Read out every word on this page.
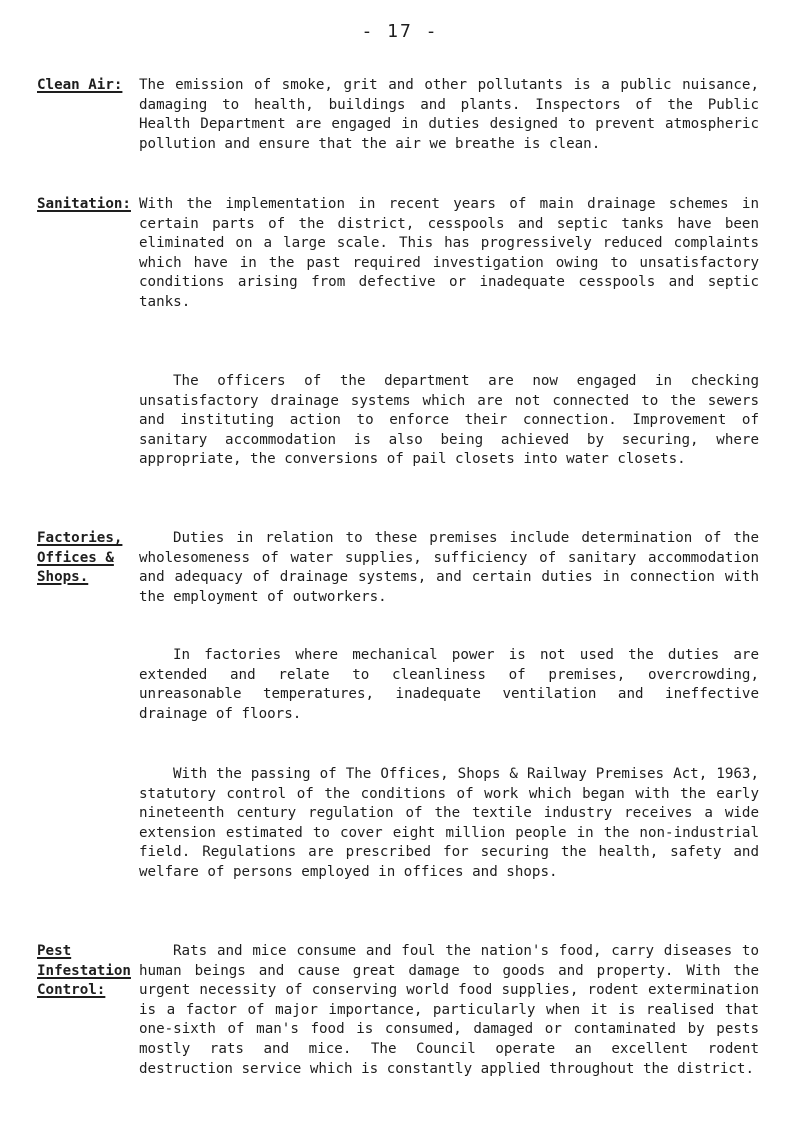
- 17 -
Clean Air:	The emission of smoke, grit and other pollutants is a public nuisance, damaging to health, buildings and plants. Inspectors of the Public Health Department are engaged in duties designed to prevent atmospheric pollution and ensure that the air we breathe is clean.

Sanitation: With the implementation in recent years of main drainage schemes in certain parts of the district, cesspools and septic tanks have been eliminated on a large scale. This has progressively reduced complaints which have in the past required investigation owing to unsatisfactory conditions arising from defective or inadequate cesspools and septic tanks.

The officers of the department are now engaged in checking unsatisfactory drainage systems which are not connected to the sewers and instituting action to enforce their connection. Improvement of sanitary accommodation is also being achieved by securing, where appropriate, the conversions of pail closets into water closets.

Factories,
Offices &
Shops.

Duties in relation to these premises include determination of the wholesomeness of water supplies, sufficiency of sanitary accommodation and adequacy of drainage systems, and certain duties in connection with the employment of outworkers.

In factories where mechanical power is not used the duties are extended and relate to cleanliness of premises, overcrowding, unreasonable temperatures, inadequate ventilation and ineffective drainage of floors.

With the passing of The Offices, Shops & Railway Premises Act, 1963, statutory control of the conditions of work which began with the early nineteenth century regulation of the textile industry receives a wide extension estimated to cover eight million people in the non-industrial field. Regulations are prescribed for securing the health, safety and welfare of persons employed in offices and shops.

Pest
Infestation
Control:

Rats and mice consume and foul the nation's food, carry diseases to human beings and cause great damage to goods and property. With the urgent necessity of conserving world food supplies, rodent extermination is a factor of major importance, particularly when it is realised that one-sixth of man's food is consumed, damaged or contaminated by pests mostly rats and mice. The Council operate an excellent rodent destruction service which is constantly applied throughout the district.
